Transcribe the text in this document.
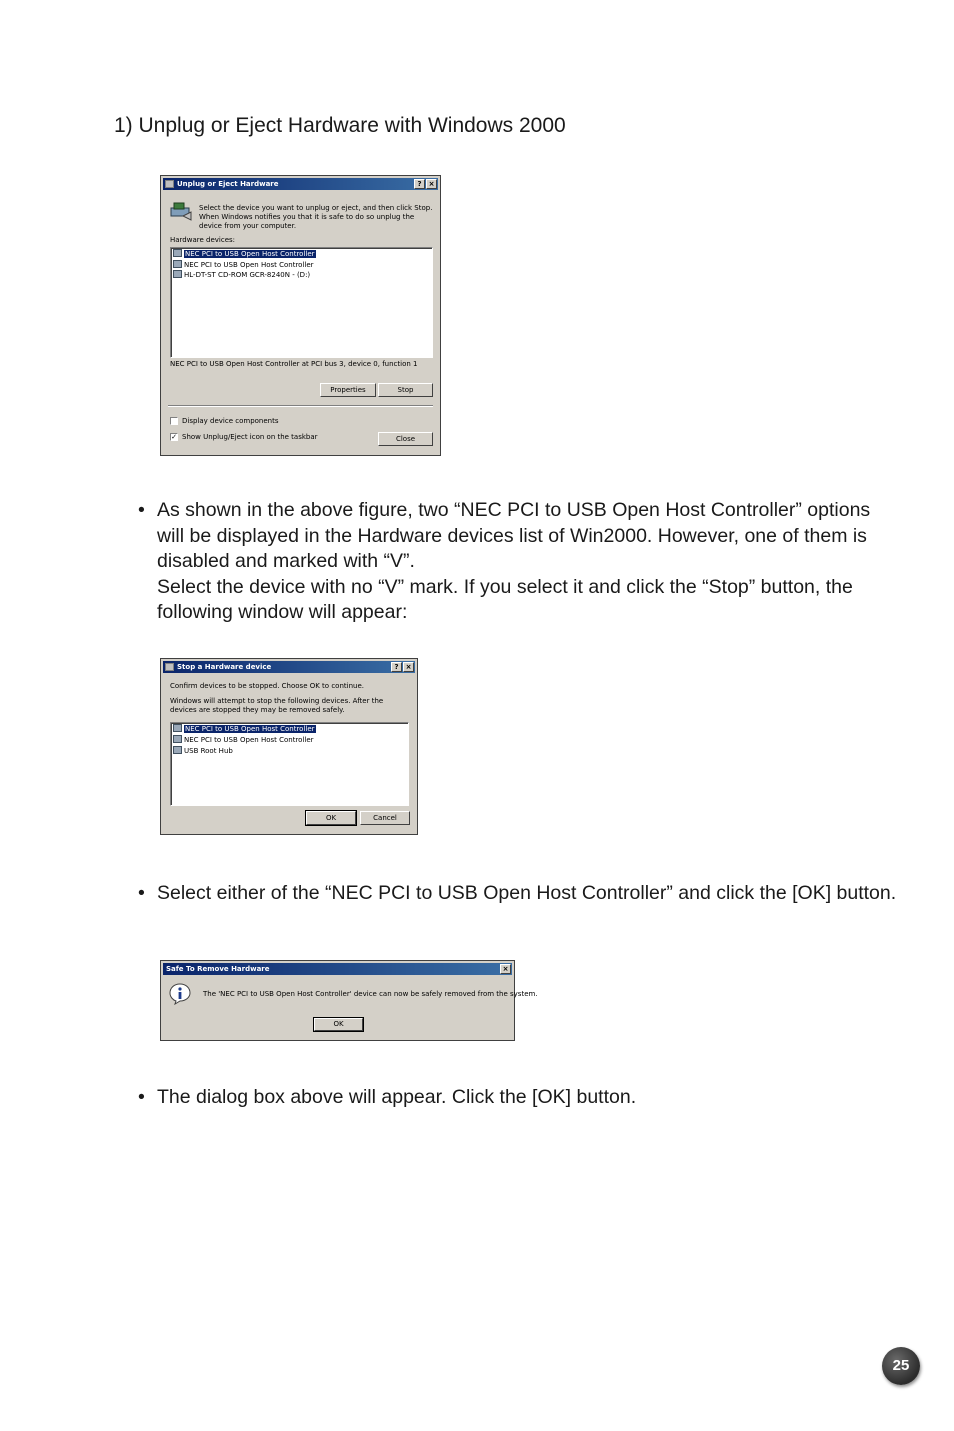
1) Unplug or Eject Hardware with Windows 2000
Unplug or Eject Hardware	?	×
Select the device you want to unplug or eject, and then click Stop. When Windows notifies you that it is safe to do so unplug the device from your computer.
Hardware devices:
NEC PCI to USB Open Host Controller
NEC PCI to USB Open Host Controller
HL-DT-ST CD-ROM GCR-8240N - (D:)
NEC PCI to USB Open Host Controller at PCI bus 3, device 0, function 1
Properties	Stop
Display device components
✓ Show Unplug/Eject icon on the taskbar	Close
• As shown in the above figure, two “NEC PCI to USB Open Host Controller” options will be displayed in the Hardware devices list of Win2000. However, one of them is disabled and marked with “V”.

Select the device with no “V” mark. If you select it and click the “Stop” button, the following window will appear:

Stop a Hardware device	?	×
Confirm devices to be stopped. Choose OK to continue.
Windows will attempt to stop the following devices. After the devices are stopped they may be removed safely.
NEC PCI to USB Open Host Controller
NEC PCI to USB Open Host Controller
USB Root Hub
OK	Cancel
• Select either of the “NEC PCI to USB Open Host Controller” and click the [OK] button.

Safe To Remove Hardware	×
The 'NEC PCI to USB Open Host Controller' device can now be safely removed from the system.
OK
• The dialog box above will appear. Click the [OK] button.

25
